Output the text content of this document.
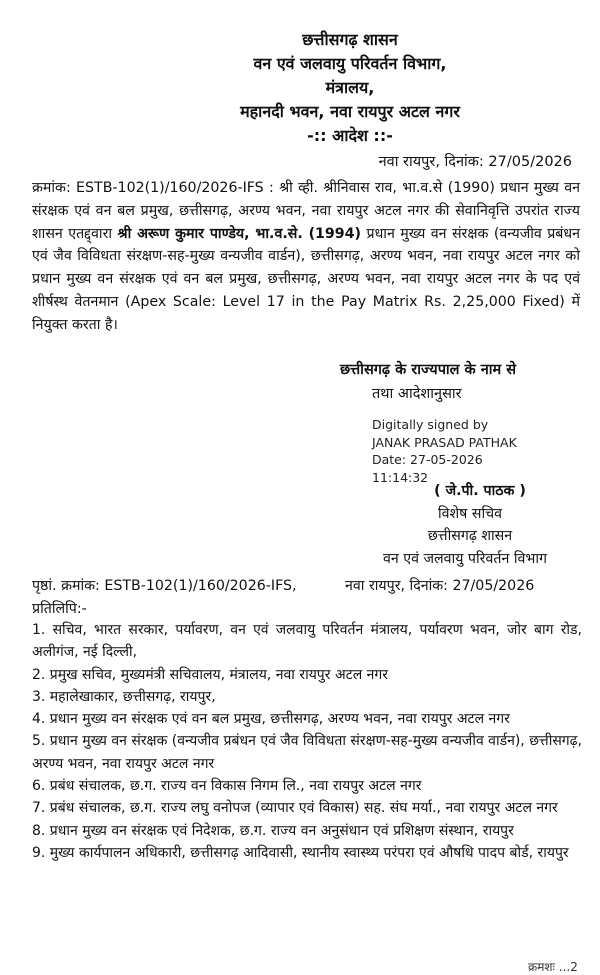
छत्तीसगढ़ शासन
वन एवं जलवायु परिवर्तन विभाग,
मंत्रालय,
महानदी भवन, नवा रायपुर अटल नगर
-:: आदेश ::-
नवा रायपुर, दिनांक: 27/05/2026
क्रमांक: ESTB-102(1)/160/2026-IFS : श्री व्ही. श्रीनिवास राव, भा.व.से (1990) प्रधान मुख्य वन संरक्षक एवं वन बल प्रमुख, छत्तीसगढ़, अरण्य भवन, नवा रायपुर अटल नगर की सेवानिवृत्ति उपरांत राज्य शासन एतद्द्वारा श्री अरूण कुमार पाण्डेय, भा.व.से. (1994) प्रधान मुख्य वन संरक्षक (वन्यजीव प्रबंधन एवं जैव विविधता संरक्षण-सह-मुख्य वन्यजीव वार्डन), छत्तीसगढ़, अरण्य भवन, नवा रायपुर अटल नगर को प्रधान मुख्य वन संरक्षक एवं वन बल प्रमुख, छत्तीसगढ़, अरण्य भवन, नवा रायपुर अटल नगर के पद एवं शीर्षस्थ वेतनमान (Apex Scale: Level 17 in the Pay Matrix Rs. 2,25,000 Fixed) में नियुक्त करता है।
छत्तीसगढ़ के राज्यपाल के नाम से
तथा आदेशानुसार
Digitally signed by
JANAK PRASAD PATHAK
Date: 27-05-2026
11:14:32
( जे.पी. पाठक )
विशेष सचिव
छत्तीसगढ़ शासन
वन एवं जलवायु परिवर्तन विभाग
पृष्ठां. क्रमांक: ESTB-102(1)/160/2026-IFS,
प्रतिलिपि:-
नवा रायपुर, दिनांक: 27/05/2026
1. सचिव, भारत सरकार, पर्यावरण, वन एवं जलवायु परिवर्तन मंत्रालय, पर्यावरण भवन, जोर बाग रोड, अलीगंज, नई दिल्ली,
2. प्रमुख सचिव, मुख्यमंत्री सचिवालय, मंत्रालय, नवा रायपुर अटल नगर
3. महालेखाकार, छत्तीसगढ़, रायपुर,
4. प्रधान मुख्य वन संरक्षक एवं वन बल प्रमुख, छत्तीसगढ़, अरण्य भवन, नवा रायपुर अटल नगर
5. प्रधान मुख्य वन संरक्षक (वन्यजीव प्रबंधन एवं जैव विविधता संरक्षण-सह-मुख्य वन्यजीव वार्डन), छत्तीसगढ़, अरण्य भवन, नवा रायपुर अटल नगर
6. प्रबंध संचालक, छ.ग. राज्य वन विकास निगम लि., नवा रायपुर अटल नगर
7. प्रबंध संचालक, छ.ग. राज्य लघु वनोपज (व्यापार एवं विकास) सह. संघ मर्या., नवा रायपुर अटल नगर
8. प्रधान मुख्य वन संरक्षक एवं निदेशक, छ.ग. राज्य वन अनुसंधान एवं प्रशिक्षण संस्थान, रायपुर
9. मुख्य कार्यपालन अधिकारी, छत्तीसगढ़ आदिवासी, स्थानीय स्वास्थ्य परंपरा एवं औषधि पादप बोर्ड, रायपुर
क्रमशः ...2
